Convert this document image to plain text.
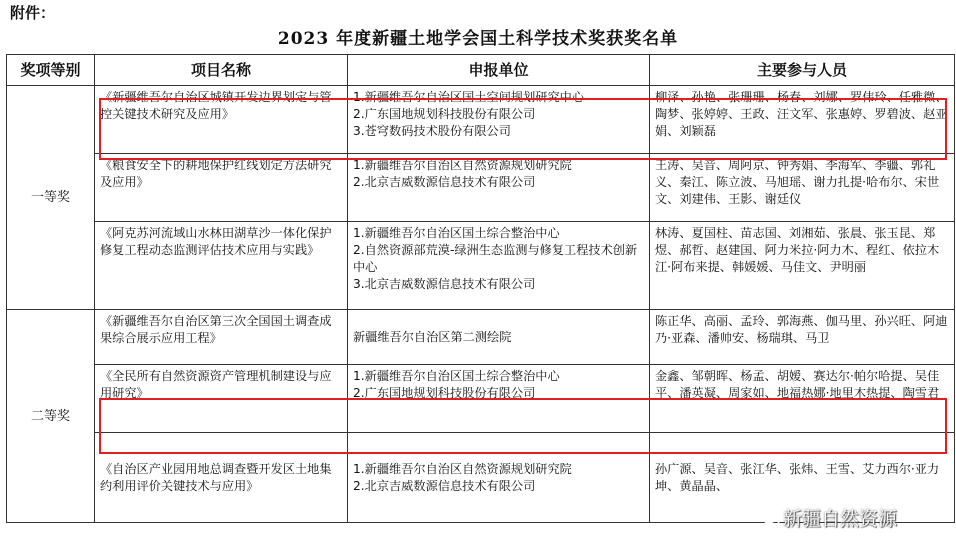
附件：
2023 年度新疆土地学会国土科学技术奖获奖名单
奖项等别	项目名称	申报单位	主要参与人员
一等奖	《新疆维吾尔自治区城镇开发边界划定与管控关键技术研究及应用》	1.新疆维吾尔自治区国土空间规划研究中心
2.广东国地规划科技股份有限公司
3.苍穹数码技术股份有限公司	柳泽、孙艳、张珊珊、杨春、刘娜、罗伟玲、任雅微、陶梦、张婷婷、王政、汪文军、张惠婷、罗碧波、赵亚娟、刘颖磊
	《粮食安全下的耕地保护红线划定方法研究及应用》	1.新疆维吾尔自治区自然资源规划研究院
2.北京吉威数源信息技术有限公司	王涛、吴音、周阿京、钟秀娟、李海军、李疆、郭礼义、秦江、陈立波、马旭瑶、谢力扎提·哈布尔、宋世文、刘建伟、王影、谢廷仪
	《阿克苏河流域山水林田湖草沙一体化保护修复工程动态监测评估技术应用与实践》	1.新疆维吾尔自治区国土综合整治中心
2.自然资源部荒漠-绿洲生态监测与修复工程技术创新中心
3.北京吉威数源信息技术有限公司	林涛、夏国柱、苗志国、刘湘茹、张晨、张玉昆、郑煜、郝哲、赵建国、阿力米拉·阿力木、程红、依拉木江·阿布来提、韩媛媛、马佳文、尹明丽
二等奖	《新疆维吾尔自治区第三次全国国土调查成果综合展示应用工程》	新疆维吾尔自治区第二测绘院	陈正华、高丽、孟玲、郭海燕、伽马里、孙兴旺、阿迪乃·亚森、潘帅安、杨瑞琪、马卫
	《全民所有自然资源资产管理机制建设与应用研究》	1.新疆维吾尔自治区国土综合整治中心
2.广东国地规划科技股份有限公司	金鑫、邹朝晖、杨孟、胡嫒、赛达尔·帕尔哈提、吴佳平、潘英凝、周家如、地福热娜·地里木热提、陶雪君
	《自治区产业园用地总调查暨开发区土地集约利用评价关键技术与应用》	1.新疆维吾尔自治区自然资源规划研究院
2.北京吉威数源信息技术有限公司	孙广源、吴音、张江华、张炜、王雪、艾力西尔·亚力坤、黄晶晶、
新疆自然资源
